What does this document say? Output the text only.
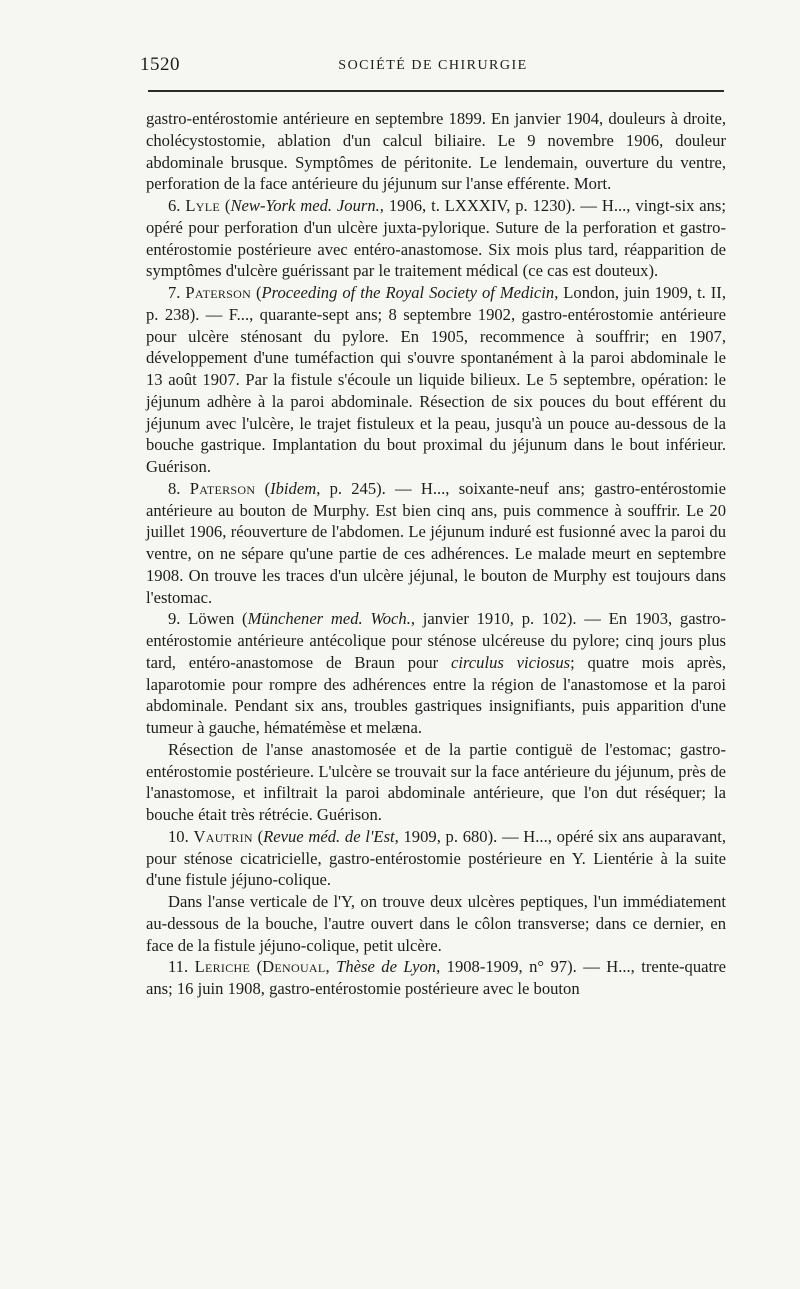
1520	SOCIÉTÉ DE CHIRURGIE

gastro-entérostomie antérieure en septembre 1899. En janvier 1904, douleurs à droite, cholécystostomie, ablation d'un calcul biliaire. Le 9 novembre 1906, douleur abdominale brusque. Symptômes de péritonite. Le lendemain, ouverture du ventre, perforation de la face antérieure du jéjunum sur l'anse efférente. Mort.

6. Lyle (New-York med. Journ., 1906, t. LXXXIV, p. 1230). — H..., vingt-six ans; opéré pour perforation d'un ulcère juxta-pylorique. Suture de la perforation et gastro-entérostomie postérieure avec entéro-anastomose. Six mois plus tard, réapparition de symptômes d'ulcère guérissant par le traitement médical (ce cas est douteux).

7. Paterson (Proceeding of the Royal Society of Medicin, London, juin 1909, t. II, p. 238). — F..., quarante-sept ans; 8 septembre 1902, gastro-entérostomie antérieure pour ulcère sténosant du pylore. En 1905, recommence à souffrir; en 1907, développement d'une tuméfaction qui s'ouvre spontanément à la paroi abdominale le 13 août 1907. Par la fistule s'écoule un liquide bilieux. Le 5 septembre, opération: le jéjunum adhère à la paroi abdominale. Résection de six pouces du bout efférent du jéjunum avec l'ulcère, le trajet fistuleux et la peau, jusqu'à un pouce au-dessous de la bouche gastrique. Implantation du bout proximal du jéjunum dans le bout inférieur. Guérison.

8. Paterson (Ibidem, p. 245). — H..., soixante-neuf ans; gastro-entérostomie antérieure au bouton de Murphy. Est bien cinq ans, puis commence à souffrir. Le 20 juillet 1906, réouverture de l'abdomen. Le jéjunum induré est fusionné avec la paroi du ventre, on ne sépare qu'une partie de ces adhérences. Le malade meurt en septembre 1908. On trouve les traces d'un ulcère jéjunal, le bouton de Murphy est toujours dans l'estomac.

9. Löwen (Münchener med. Woch., janvier 1910, p. 102). — En 1903, gastro-entérostomie antérieure antécolique pour sténose ulcéreuse du pylore; cinq jours plus tard, entéro-anastomose de Braun pour circulus viciosus; quatre mois après, laparotomie pour rompre des adhérences entre la région de l'anastomose et la paroi abdominale. Pendant six ans, troubles gastriques insignifiants, puis apparition d'une tumeur à gauche, hématémèse et melæna.

Résection de l'anse anastomosée et de la partie contiguë de l'estomac; gastro-entérostomie postérieure. L'ulcère se trouvait sur la face antérieure du jéjunum, près de l'anastomose, et infiltrait la paroi abdominale antérieure, que l'on dut réséquer; la bouche était très rétrécie. Guérison.

10. Vautrin (Revue méd. de l'Est, 1909, p. 680). — H..., opéré six ans auparavant, pour sténose cicatricielle, gastro-entérostomie postérieure en Y. Lientérie à la suite d'une fistule jéjuno-colique.

Dans l'anse verticale de l'Y, on trouve deux ulcères peptiques, l'un immédiatement au-dessous de la bouche, l'autre ouvert dans le côlon transverse; dans ce dernier, en face de la fistule jéjuno-colique, petit ulcère.

11. Leriche (Denoual, Thèse de Lyon, 1908-1909, n° 97). — H..., trente-quatre ans; 16 juin 1908, gastro-entérostomie postérieure avec le bouton
